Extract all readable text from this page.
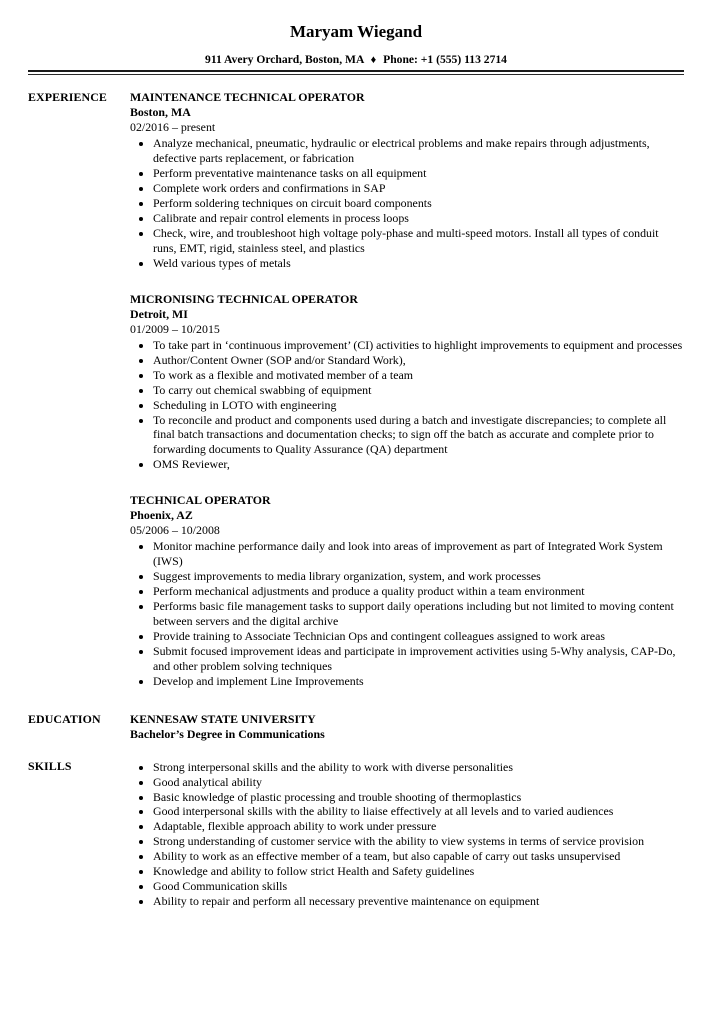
Maryam Wiegand
911 Avery Orchard, Boston, MA ♦ Phone: +1 (555) 113 2714
EXPERIENCE	MAINTENANCE TECHNICAL OPERATOR
Boston, MA
02/2016 – present
• Analyze mechanical, pneumatic, hydraulic or electrical problems and make repairs through adjustments, defective parts replacement, or fabrication
• Perform preventative maintenance tasks on all equipment
• Complete work orders and confirmations in SAP
• Perform soldering techniques on circuit board components
• Calibrate and repair control elements in process loops
• Check, wire, and troubleshoot high voltage poly-phase and multi-speed motors. Install all types of conduit runs, EMT, rigid, stainless steel, and plastics
• Weld various types of metals
MICRONISING TECHNICAL OPERATOR
Detroit, MI
01/2009 – 10/2015
• To take part in ‘continuous improvement’ (CI) activities to highlight improvements to equipment and processes
• Author/Content Owner (SOP and/or Standard Work),
• To work as a flexible and motivated member of a team
• To carry out chemical swabbing of equipment
• Scheduling in LOTO with engineering
• To reconcile and product and components used during a batch and investigate discrepancies; to complete all final batch transactions and documentation checks; to sign off the batch as accurate and complete prior to forwarding documents to Quality Assurance (QA) department
• OMS Reviewer,
TECHNICAL OPERATOR
Phoenix, AZ
05/2006 – 10/2008
• Monitor machine performance daily and look into areas of improvement as part of Integrated Work System (IWS)
• Suggest improvements to media library organization, system, and work processes
• Perform mechanical adjustments and produce a quality product within a team environment
• Performs basic file management tasks to support daily operations including but not limited to moving content between servers and the digital archive
• Provide training to Associate Technician Ops and contingent colleagues assigned to work areas
• Submit focused improvement ideas and participate in improvement activities using 5-Why analysis, CAP-Do, and other problem solving techniques
• Develop and implement Line Improvements
EDUCATION	KENNESAW STATE UNIVERSITY
Bachelor’s Degree in Communications
SKILLS	• Strong interpersonal skills and the ability to work with diverse personalities
• Good analytical ability
• Basic knowledge of plastic processing and trouble shooting of thermoplastics
• Good interpersonal skills with the ability to liaise effectively at all levels and to varied audiences
• Adaptable, flexible approach ability to work under pressure
• Strong understanding of customer service with the ability to view systems in terms of service provision
• Ability to work as an effective member of a team, but also capable of carry out tasks unsupervised
• Knowledge and ability to follow strict Health and Safety guidelines
• Good Communication skills
• Ability to repair and perform all necessary preventive maintenance on equipment
